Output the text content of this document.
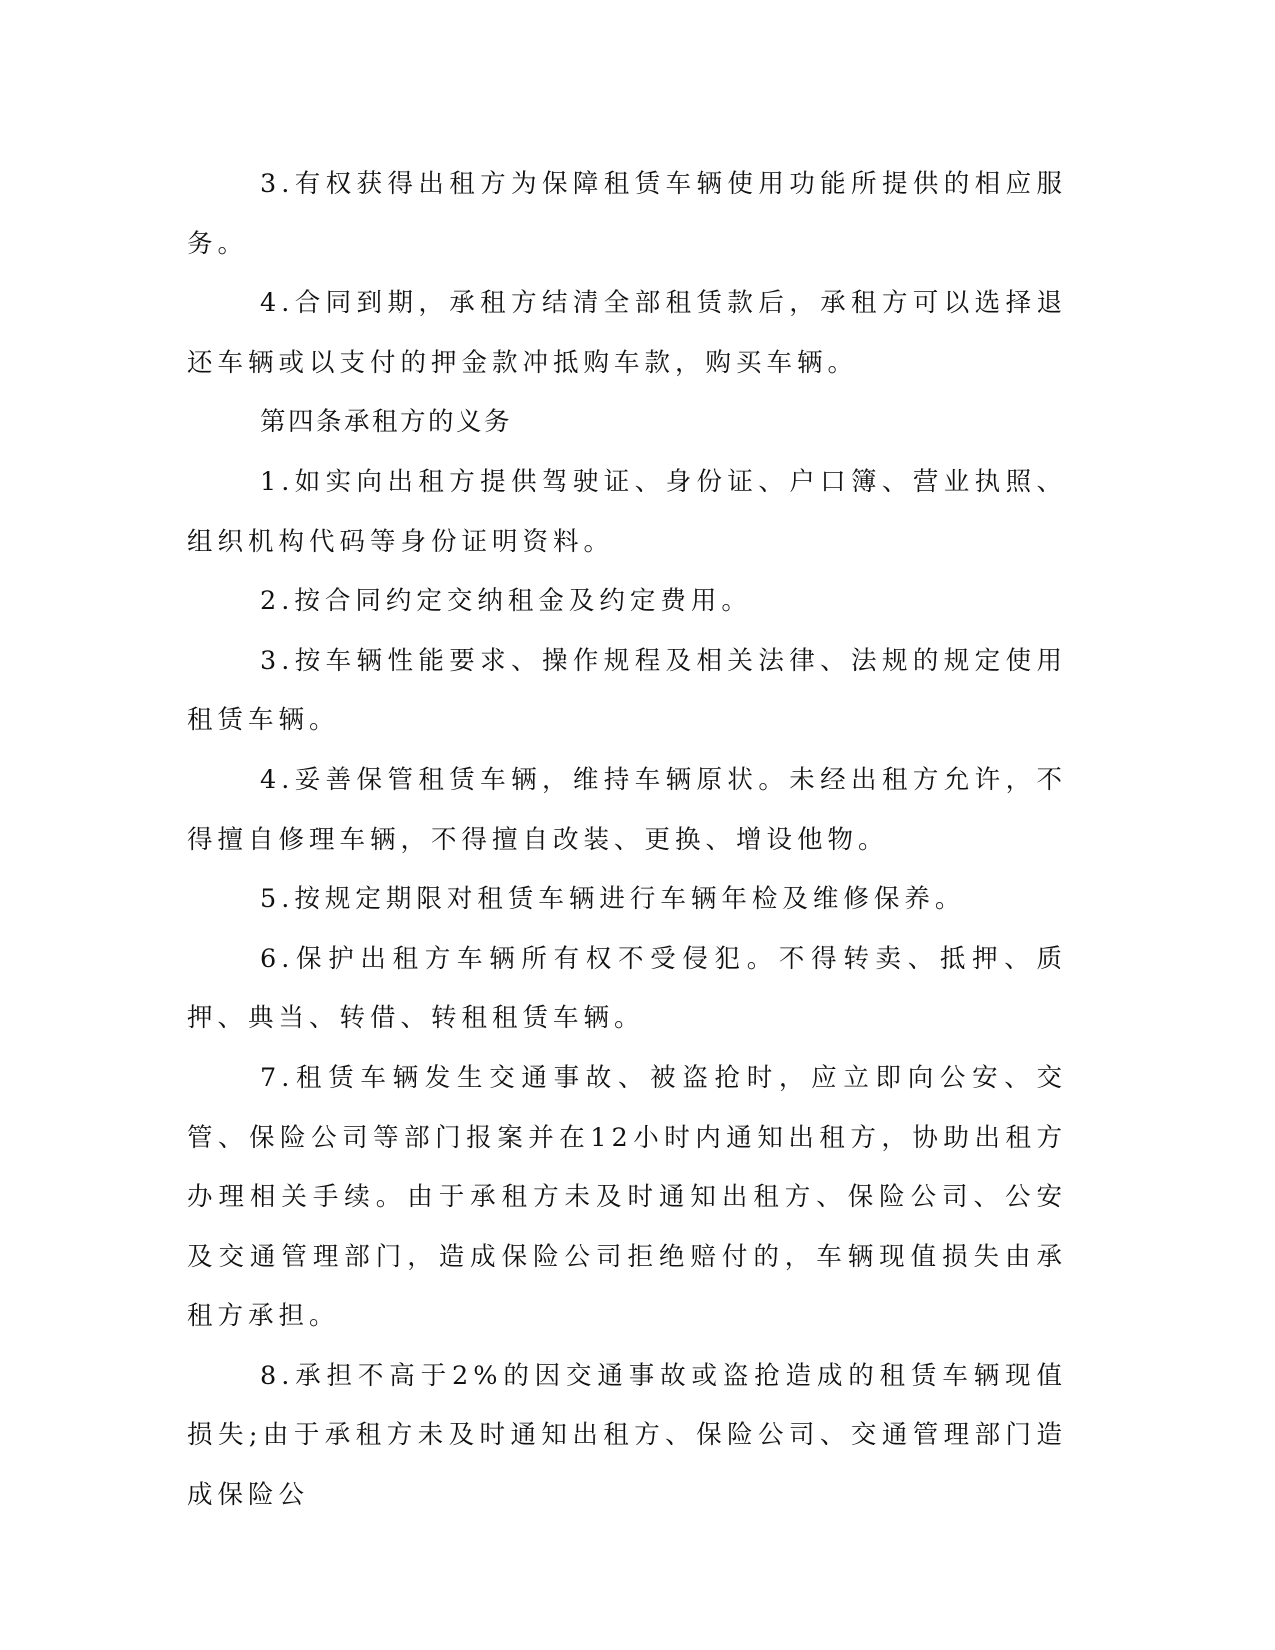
3.有权获得出租方为保障租赁车辆使用功能所提供的相应服务。

4.合同到期，承租方结清全部租赁款后，承租方可以选择退还车辆或以支付的押金款冲抵购车款，购买车辆。

第四条承租方的义务

1.如实向出租方提供驾驶证、身份证、户口簿、营业执照、组织机构代码等身份证明资料。

2.按合同约定交纳租金及约定费用。

3.按车辆性能要求、操作规程及相关法律、法规的规定使用租赁车辆。

4.妥善保管租赁车辆，维持车辆原状。未经出租方允许，不得擅自修理车辆，不得擅自改装、更换、增设他物。

5.按规定期限对租赁车辆进行车辆年检及维修保养。

6.保护出租方车辆所有权不受侵犯。不得转卖、抵押、质押、典当、转借、转租租赁车辆。

7.租赁车辆发生交通事故、被盗抢时，应立即向公安、交管、保险公司等部门报案并在12小时内通知出租方，协助出租方办理相关手续。由于承租方未及时通知出租方、保险公司、公安及交通管理部门，造成保险公司拒绝赔付的，车辆现值损失由承租方承担。

8.承担不高于2%的因交通事故或盗抢造成的租赁车辆现值损失;由于承租方未及时通知出租方、保险公司、交通管理部门造成保险公
